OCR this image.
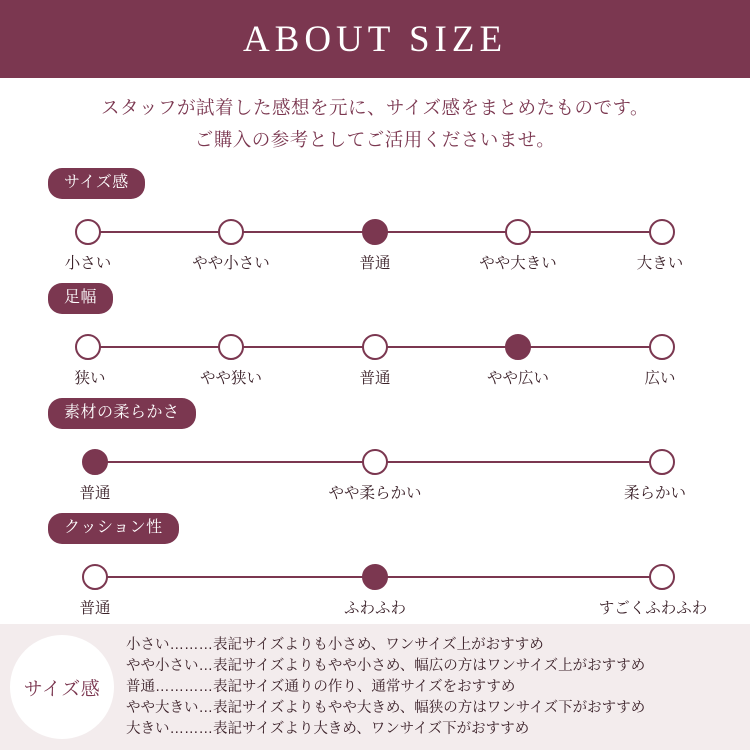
ABOUT SIZE
スタッフが試着した感想を元に、サイズ感をまとめたものです。
ご購入の参考としてご活用くださいませ。
サイズ感
小さい	やや小さい	普通	やや大きい	大きい
足幅
狭い	やや狭い	普通	やや広い	広い
素材の柔らかさ
普通	やや柔らかい	柔らかい
クッション性
普通	ふわふわ	すごくふわふわ
サイズ感
小さい………表記サイズよりも小さめ、ワンサイズ上がおすすめ
やや小さい…表記サイズよりもやや小さめ、幅広の方はワンサイズ上がおすすめ
普通…………表記サイズ通りの作り、通常サイズをおすすめ
やや大きい…表記サイズよりもやや大きめ、幅狭の方はワンサイズ下がおすすめ
大きい………表記サイズより大きめ、ワンサイズ下がおすすめ
